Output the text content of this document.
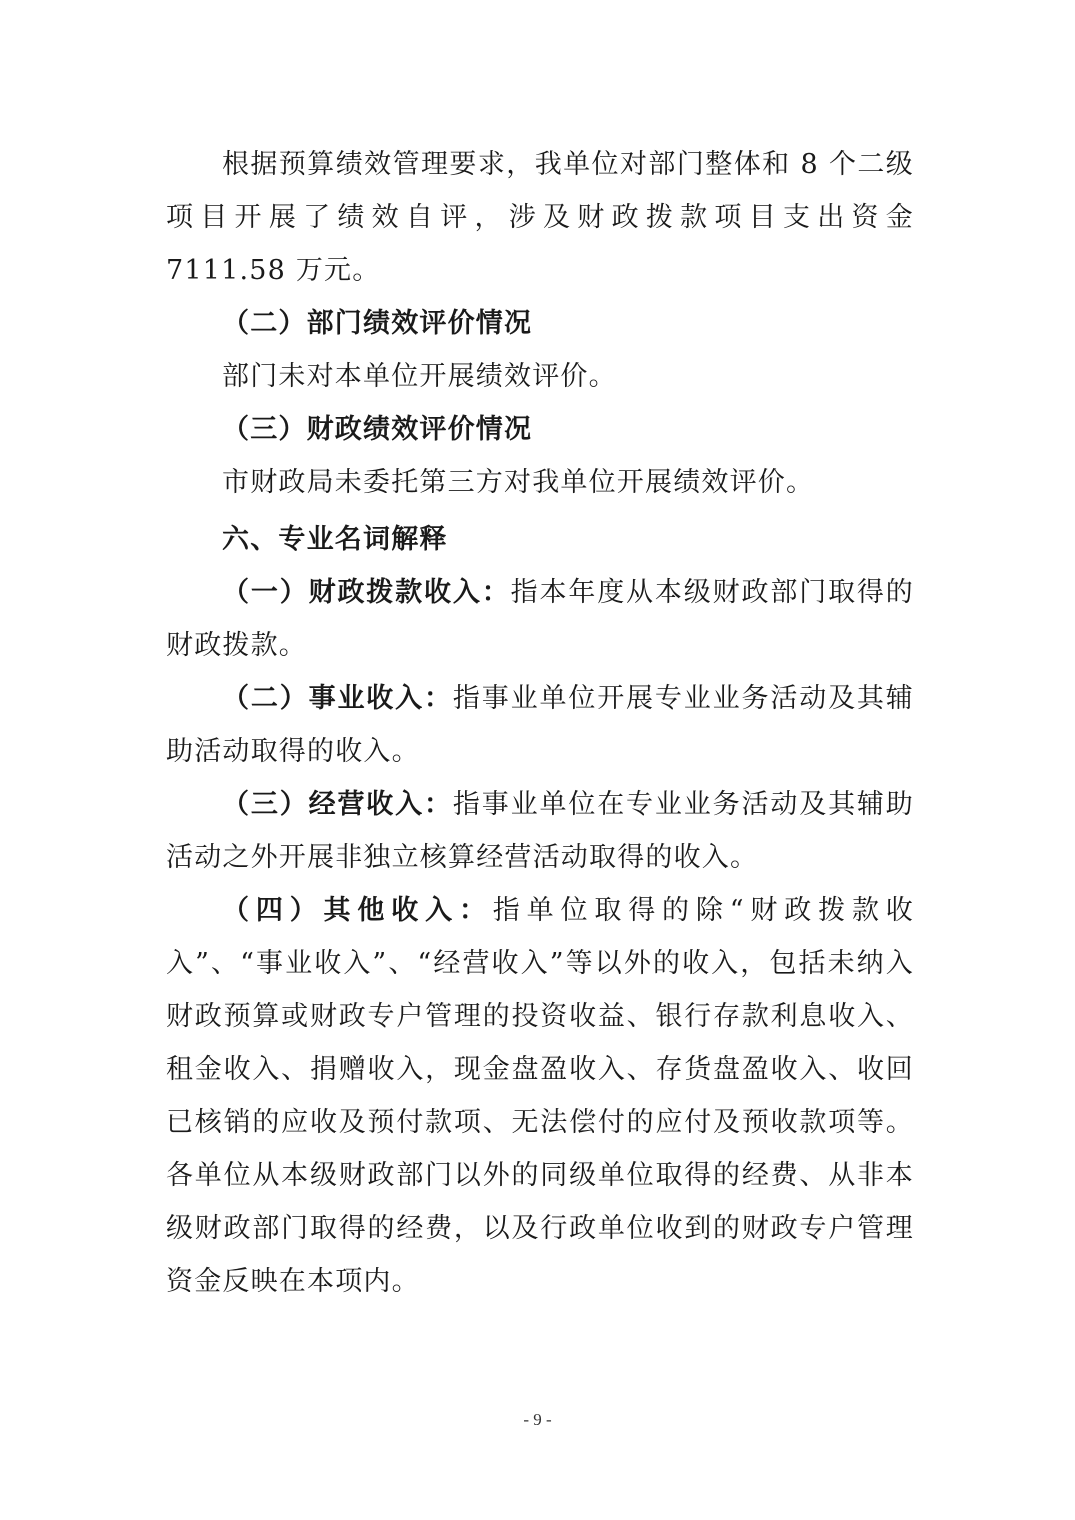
根据预算绩效管理要求，我单位对部门整体和 8 个二级项目开展了绩效自评，涉及财政拨款项目支出资金 7111.58 万元。

（二）部门绩效评价情况

部门未对本单位开展绩效评价。

（三）财政绩效评价情况

市财政局未委托第三方对我单位开展绩效评价。

六、专业名词解释

（一）财政拨款收入：指本年度从本级财政部门取得的财政拨款。

（二）事业收入：指事业单位开展专业业务活动及其辅助活动取得的收入。

（三）经营收入：指事业单位在专业业务活动及其辅助活动之外开展非独立核算经营活动取得的收入。

（四）其他收入：指单位取得的除“财政拨款收入”、“事业收入”、“经营收入”等以外的收入，包括未纳入财政预算或财政专户管理的投资收益、银行存款利息收入、租金收入、捐赠收入，现金盘盈收入、存货盘盈收入、收回已核销的应收及预付款项、无法偿付的应付及预收款项等。各单位从本级财政部门以外的同级单位取得的经费、从非本级财政部门取得的经费，以及行政单位收到的财政专户管理资金反映在本项内。

- 9 -
